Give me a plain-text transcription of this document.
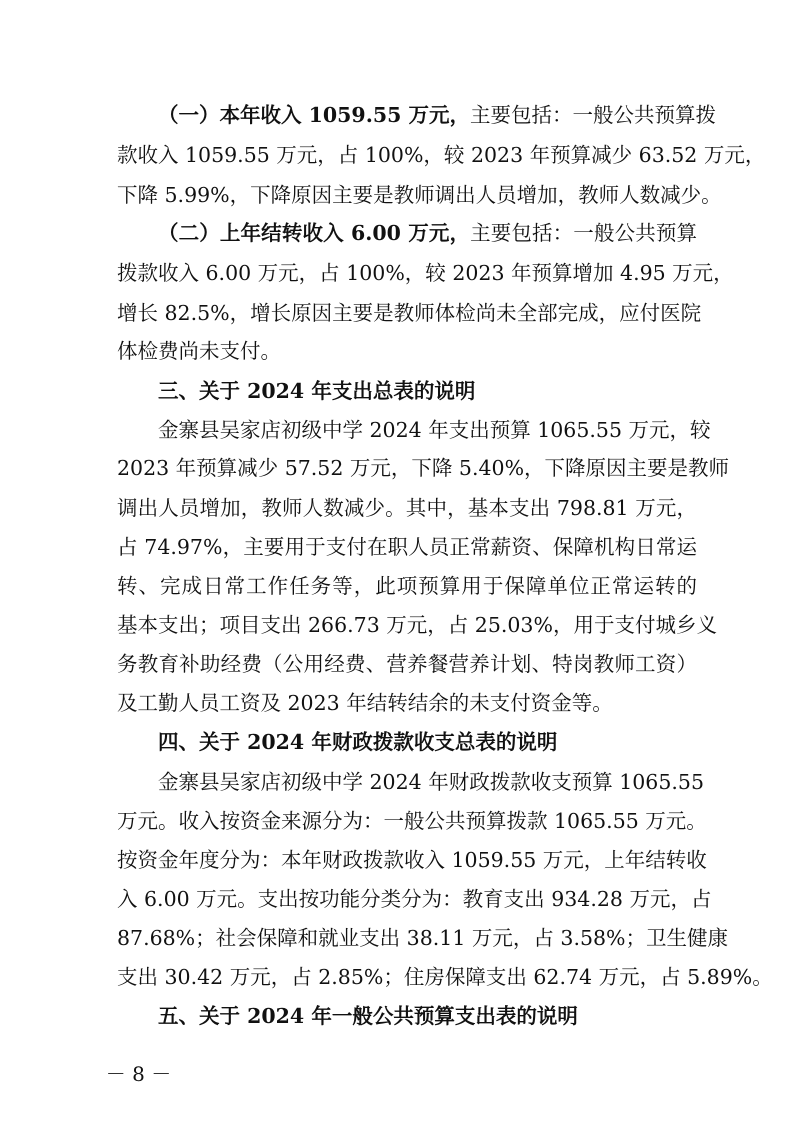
（一）本年收入 1059.55 万元，主要包括：一般公共预算拨
款收入 1059.55 万元，占 100%，较 2023 年预算减少 63.52 万元，
下降 5.99%，下降原因主要是教师调出人员增加，教师人数减少。
（二）上年结转收入 6.00 万元，主要包括：一般公共预算
拨款收入 6.00 万元，占 100%，较 2023 年预算增加 4.95 万元，
增长 82.5%，增长原因主要是教师体检尚未全部完成，应付医院
体检费尚未支付。
三、关于 2024 年支出总表的说明
金寨县吴家店初级中学 2024 年支出预算 1065.55 万元，较
2023 年预算减少 57.52 万元，下降 5.40%，下降原因主要是教师
调出人员增加，教师人数减少。其中，基本支出 798.81 万元，
占 74.97%，主要用于支付在职人员正常薪资、保障机构日常运
转、完成日常工作任务等，此项预算用于保障单位正常运转的
基本支出；项目支出 266.73 万元，占 25.03%，用于支付城乡义
务教育补助经费（公用经费、营养餐营养计划、特岗教师工资）
及工勤人员工资及 2023 年结转结余的未支付资金等。
四、关于 2024 年财政拨款收支总表的说明
金寨县吴家店初级中学 2024 年财政拨款收支预算 1065.55
万元。收入按资金来源分为：一般公共预算拨款 1065.55 万元。
按资金年度分为：本年财政拨款收入 1059.55 万元，上年结转收
入 6.00 万元。支出按功能分类分为：教育支出 934.28 万元，占
87.68%；社会保障和就业支出 38.11 万元，占 3.58%；卫生健康
支出 30.42 万元，占 2.85%；住房保障支出 62.74 万元，占 5.89%。
五、关于 2024 年一般公共预算支出表的说明
－ 8 －
